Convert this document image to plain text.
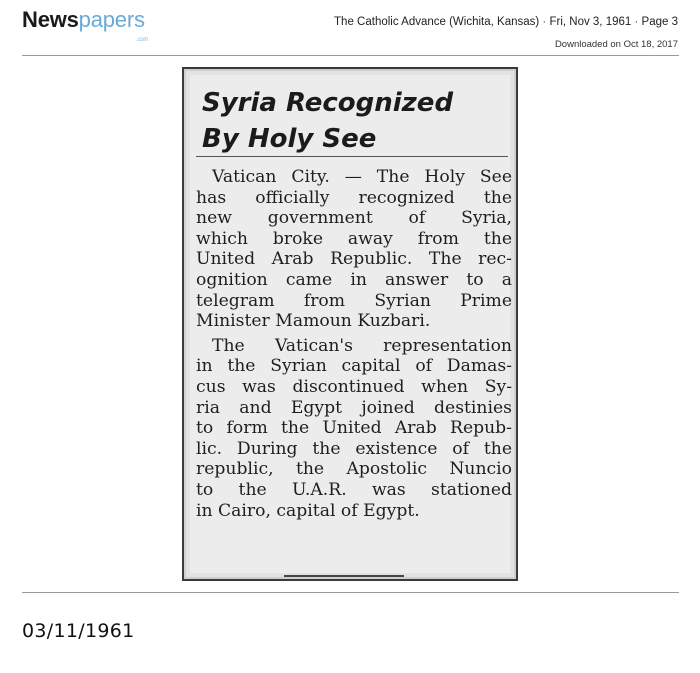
Newspapers
.com
The Catholic Advance (Wichita, Kansas) · Fri, Nov 3, 1961 · Page 3
Downloaded on Oct 18, 2017
Syria Recognized
By Holy See
Vatican City. — The Holy See
has officially recognized the
new government of Syria,
which broke away from the
United Arab Republic. The rec-
ognition came in answer to a
telegram from Syrian Prime
Minister Mamoun Kuzbari.
The Vatican's representation
in the Syrian capital of Damas-
cus was discontinued when Sy-
ria and Egypt joined destinies
to form the United Arab Repub-
lic. During the existence of the
republic, the Apostolic Nuncio
to the U.A.R. was stationed
in Cairo, capital of Egypt.
03/11/1961
